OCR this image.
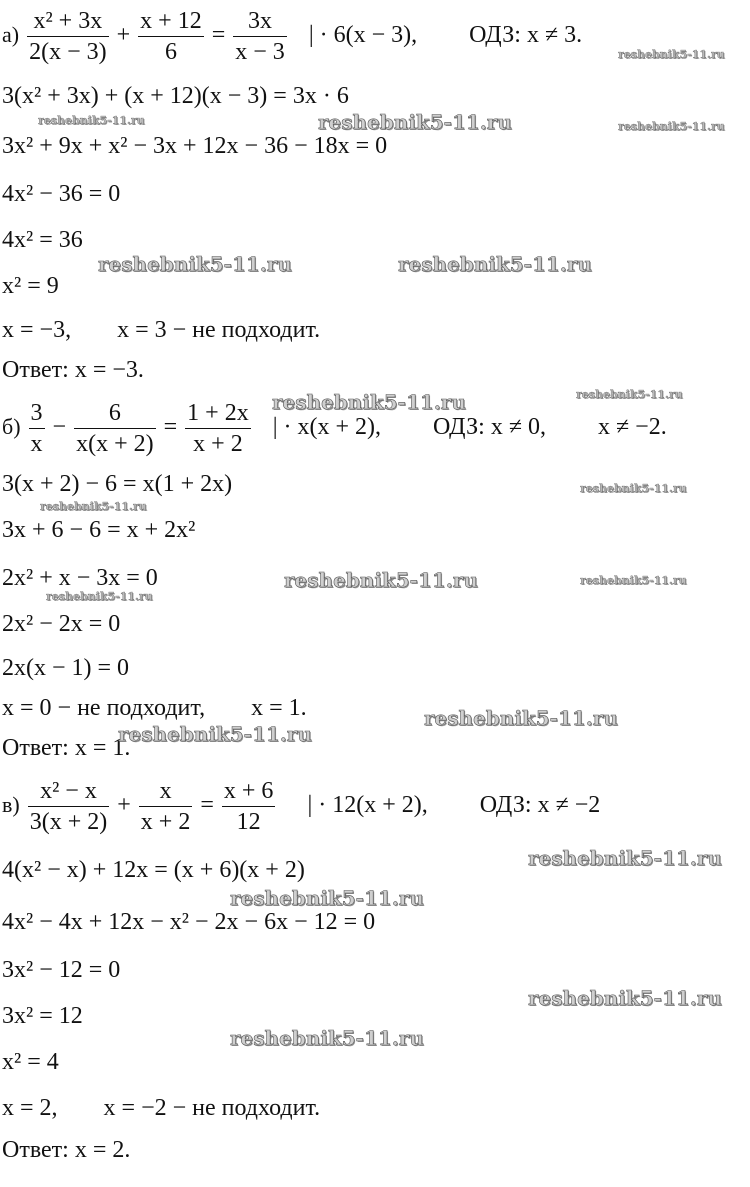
$а) \frac{\text{x² + 3x}}{2(x - 3)} + \frac{x + 12}{6} = \frac{3x}{x - 3}$ | · 6(x − 3), ОДЗ: x ≠ 3.
3(x² + 3x) + (x + 12)(x − 3) = 3x · 6
3x² + 9x + x² − 3x + 12x − 36 − 18x = 0
4x² − 36 = 0
4x² = 36
x² = 9
x = −3, x = 3 − не подходит.
Ответ: x = −3.
$б) \frac{3}{x} - \frac{6}{x(x + 2)} = \frac{1 + 2x}{x + 2}$ | · x(x + 2), ОДЗ: x ≠ 0, x ≠ −2.
3(x + 2) − 6 = x(1 + 2x)
3x + 6 − 6 = x + 2x²
2x² + x − 3x = 0
2x² − 2x = 0
2x(x − 1) = 0
x = 0 − не подходит, x = 1.
Ответ: x = 1.
$в) \frac{\text{x² − x}}{3(x + 2)} + \frac{x}{x + 2} = \frac{x + 6}{12}$ | · 12(x + 2), ОДЗ: x ≠ −2
4(x² − x) + 12x = (x + 6)(x + 2)
4x² − 4x + 12x − x² − 2x − 6x − 12 = 0
3x² − 12 = 0
3x² = 12
x² = 4
x = 2, x = −2 − не подходит.
Ответ: x = 2.
reshebnik5-11.ru
reshebnik5-11.ru	reshebnik5-11.ru	reshebnik5-11.ru
reshebnik5-11.ru	reshebnik5-11.ru
reshebnik5-11.ru	reshebnik5-11.ru
reshebnik5-11.ru
reshebnik5-11.ru
reshebnik5-11.ru
reshebnik5-11.ru
reshebnik5-11.ru
reshebnik5-11.ru
reshebnik5-11.ru
reshebnik5-11.ru
reshebnik5-11.ru
reshebnik5-11.ru
reshebnik5-11.ru
